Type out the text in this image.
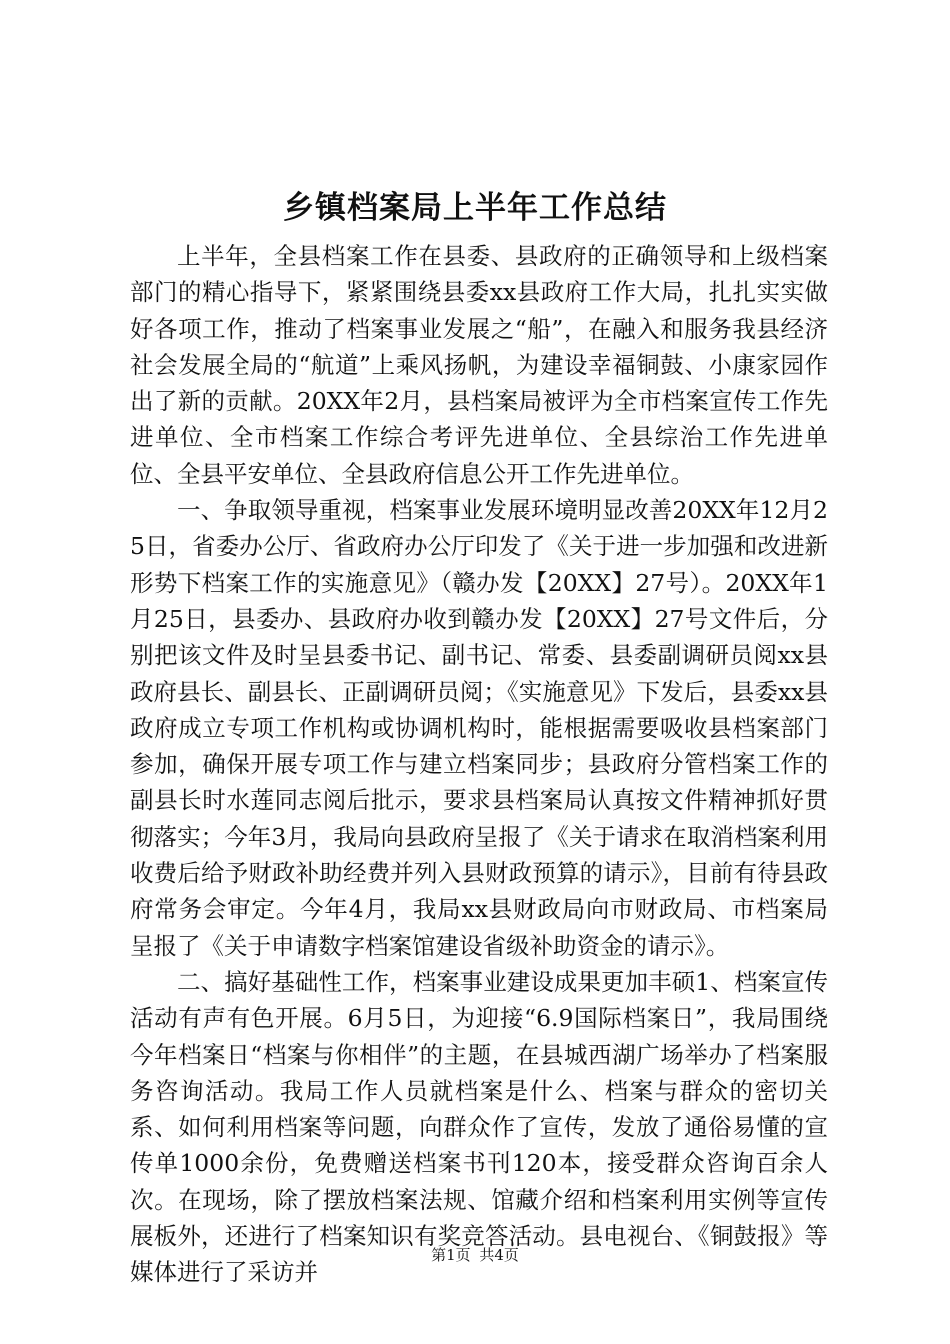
乡镇档案局上半年工作总结

上半年，全县档案工作在县委、县政府的正确领导和上级档案部门的精心指导下，紧紧围绕县委xx县政府工作大局，扎扎实实做好各项工作，推动了档案事业发展之“船”，在融入和服务我县经济社会发展全局的“航道”上乘风扬帆，为建设幸福铜鼓、小康家园作出了新的贡献。20XX年2月，县档案局被评为全市档案宣传工作先进单位、全市档案工作综合考评先进单位、全县综治工作先进单位、全县平安单位、全县政府信息公开工作先进单位。

一、争取领导重视，档案事业发展环境明显改善20XX年12月25日，省委办公厅、省政府办公厅印发了《关于进一步加强和改进新形势下档案工作的实施意见》（赣办发【20XX】27号）。20XX年1月25日，县委办、县政府办收到赣办发【20XX】27号文件后，分别把该文件及时呈县委书记、副书记、常委、县委副调研员阅xx县政府县长、副县长、正副调研员阅；《实施意见》下发后，县委xx县政府成立专项工作机构或协调机构时，能根据需要吸收县档案部门参加，确保开展专项工作与建立档案同步；县政府分管档案工作的副县长时水莲同志阅后批示，要求县档案局认真按文件精神抓好贯彻落实；今年3月，我局向县政府呈报了《关于请求在取消档案利用收费后给予财政补助经费并列入县财政预算的请示》，目前有待县政府常务会审定。今年4月，我局xx县财政局向市财政局、市档案局呈报了《关于申请数字档案馆建设省级补助资金的请示》。

二、搞好基础性工作，档案事业建设成果更加丰硕1、档案宣传活动有声有色开展。6月5日，为迎接“6.9国际档案日”，我局围绕今年档案日“档案与你相伴”的主题，在县城西湖广场举办了档案服务咨询活动。我局工作人员就档案是什么、档案与群众的密切关系、如何利用档案等问题，向群众作了宣传，发放了通俗易懂的宣传单1000余份，免费赠送档案书刊120本，接受群众咨询百余人次。在现场，除了摆放档案法规、馆藏介绍和档案利用实例等宣传展板外，还进行了档案知识有奖竞答活动。县电视台、《铜鼓报》等媒体进行了采访并

第1页 共4页
